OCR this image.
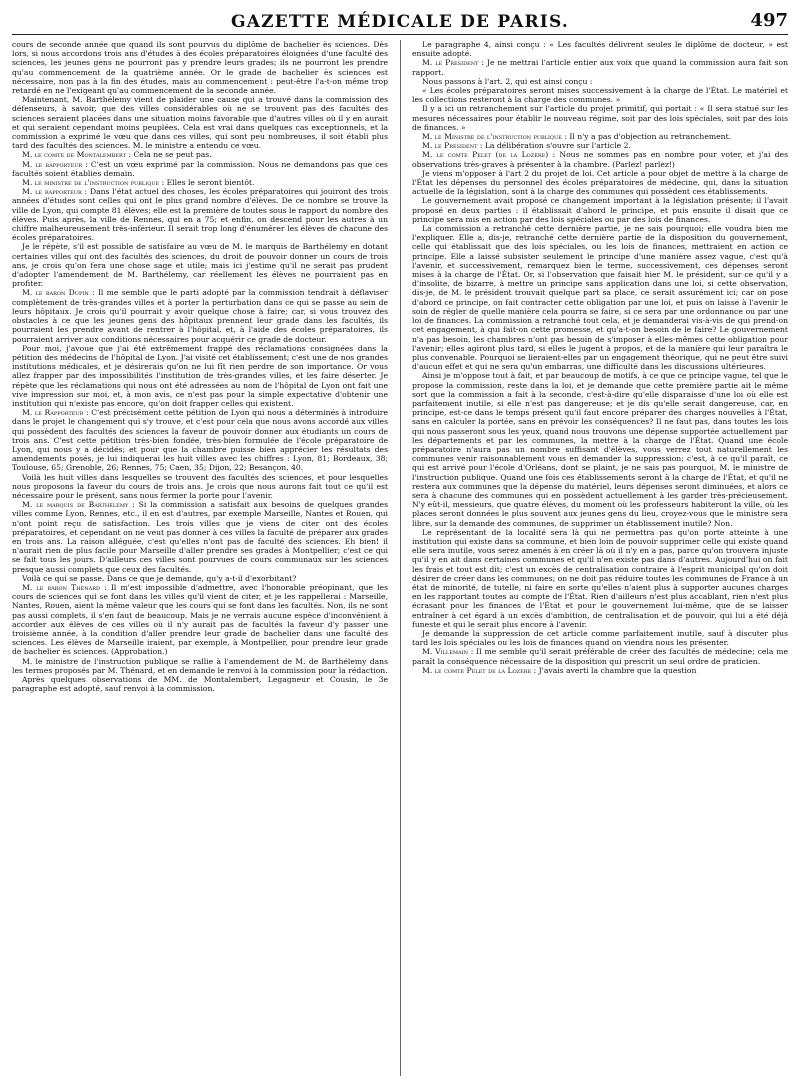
GAZETTE MÉDICALE DE PARIS.	497

cours de seconde année que quand ils sont pourvus du diplôme de bachelier ès sciences. Dès lors, si nous accordons trois ans d'études à des écoles préparatoires éloignées d'une faculté des sciences, les jeunes gens ne pourront pas y prendre leurs grades; ils ne pourront les prendre qu'au commencement de la quatrième année. Or le grade de bachelier ès sciences est nécessaire, non pas à la fin des études, mais au commencement : peut-être l'a-t-on même trop retardé en ne l'exigeant qu'au commencement de la seconde année.

Maintenant, M. Barthélemy vient de plaider une cause qui a trouvé dans la commission des défenseurs, à savoir, que des villes considérables où ne se trouvent pas des facultés des sciences seraient placées dans une situation moins favorable que d'autres villes où il y en aurait et qui seraient cependant moins peuplées. Cela est vrai dans quelques cas exceptionnels, et la commission a exprimé le vœu que dans ces villes, qui sont peu nombreuses, il soit établi plus tard des facultés des sciences. M. le ministre a entendu ce vœu.

M. le comte de Montalembert : Cela ne se peut pas.

M. le rapporteur : C'est un vœu exprimé par la commission. Nous ne demandons pas que ces facultés soient établies demain.

M. le ministre de l'instruction publique : Elles le seront bientôt.

M. le rapporteur : Dans l'état actuel des choses, les écoles préparatoires qui jouiront des trois années d'études sont celles qui ont le plus grand nombre d'élèves. De ce nombre se trouve la ville de Lyon, qui compte 81 élèves; elle est la première de toutes sous le rapport du nombre des élèves. Puis après, la ville de Rennes, qui en a 75; et enfin, on descend pour les autres à un chiffre malheureusement très-inférieur. Il serait trop long d'énumérer les élèves de chacune des écoles préparatoires.

Je le répète, s'il est possible de satisfaire au vœu de M. le marquis de Barthélemy en dotant certaines villes qui ont des facultés des sciences, du droit de pouvoir donner un cours de trois ans, je crois qu'on fera une chose sage et utile; mais ici j'estime qu'il ne serait pas prudent d'adopter l'amendement de M. Barthélemy, car réellement les élèves ne pourraient pas en profiter.

M. le baron Dupin : Il me semble que le parti adopté par la commission tendrait à déflaviser complètement de très-grandes villes et à porter la perturbation dans ce qui se passe au sein de leurs hôpitaux. Je crois qu'il pourrait y avoir quelque chose à faire; car, si vous trouvez des obstacles à ce que les jeunes gens des hôpitaux prennent leur grade dans les facultés, ils pourraient les prendre avant de rentrer à l'hôpital, et, à l'aide des écoles préparatoires, ils pourraient arriver aux conditions nécessaires pour acquérir ce grade de docteur.

Pour moi, j'avoue que j'ai été extrêmement frappé des réclamations consignées dans la pétition des médecins de l'hôpital de Lyon. J'ai visité cet établissement; c'est une de nos grandes institutions médicales, et je désirerais qu'on ne lui fît rien perdre de son importance. Or vous allez frapper par des impossibilités l'institution de très-grandes villes, et les faire déserter. Je répète que les réclamations qui nous ont été adressées au nom de l'hôpital de Lyon ont fait une vive impression sur moi, et, à mon avis, ce n'est pas pour la simple expectative d'obtenir une institution qui n'existe pas encore, qu'on doit frapper celles qui existent.

M. le Rapporteur : C'est précisément cette pétition de Lyon qui nous a déterminés à introduire dans le projet le changement qui s'y trouve, et c'est pour cela que nous avons accordé aux villes qui possèdent des facultés des sciences la faveur de pouvoir donner aux étudiants un cours de trois ans. C'est cette pétition très-bien fondée, très-bien formulée de l'école préparatoire de Lyon, qui nous y a décidés; et pour que la chambre puisse bien apprécier les résultats des amendements posés, je lui indiquerai les huit villes avec les chiffres : Lyon, 81; Bordeaux, 38; Toulouse, 65; Grenoble, 26; Rennes, 75; Caen, 35; Dijon, 22; Besançon, 40.

Voilà les huit villes dans lesquelles se trouvent des facultés des sciences, et pour lesquelles nous proposons la faveur du cours de trois ans. Je crois que nous aurons fait tout ce qu'il est nécessaire pour le présent, sans nous fermer la porte pour l'avenir.

M. le marquis de Barthélemy : Si la commission a satisfait aux besoins de quelques grandes villes comme Lyon, Rennes, etc., il en est d'autres, par exemple Marseille, Nantes et Rouen, qui n'ont point reçu de satisfaction. Les trois villes que je viens de citer ont des écoles préparatoires, et cependant on ne veut pas donner à ces villes la faculté de préparer aux grades en trois ans. La raison alléguée, c'est qu'elles n'ont pas de faculté des sciences. Eh bien! il n'aurait rien de plus facile pour Marseille d'aller prendre ses grades à Montpellier; c'est ce qui se fait tous les jours. D'ailleurs ces villes sont pourvues de cours communaux sur les sciences presque aussi complets que ceux des facultés.

Voilà ce qui se passe. Dans ce que je demande, qu'y a-t-il d'exorbitant?

M. le baron Thénard : Il m'est impossible d'admettre, avec l'honorable préopinant, que les cours de sciences qui se font dans les villes qu'il vient de citer, et je les rappellerai : Marseille, Nantes, Rouen, aient la même valeur que les cours qui se font dans les facultés. Non, ils ne sont pas aussi complets, il s'en faut de beaucoup. Mais je ne verrais aucune espèce d'inconvénient à accorder aux élèves de ces villes où il n'y aurait pas de facultés la faveur d'y passer une troisième année, à la condition d'aller prendre leur grade de bachelier dans une faculté des sciences. Les élèves de Marseille iraient, par exemple, à Montpellier, pour prendre leur grade de bachelier ès sciences. (Approbation.)

M. le ministre de l'instruction publique se rallie à l'amendement de M. de Barthélemy dans les termes proposés par M. Thénard, et en demande le renvoi à la commission pour la rédaction.

Après quelques observations de MM. de Montalembert, Legagneur et Cousin, le 3e paragraphe est adopté, sauf renvoi à la commission.

Le paragraphe 4, ainsi conçu : « Les facultés délivrent seules le diplôme de docteur, » est ensuite adopté.

M. le Président : Je ne mettrai l'article entier aux voix que quand la commission aura fait son rapport.

Nous passons à l'art. 2, qui est ainsi conçu :

« Les écoles préparatoires seront mises successivement à la charge de l'État. Le matériel et les collections resteront à la charge des communes. »

Il y a ici un retranchement sur l'article du projet primitif, qui portait : « Il sera statué sur les mesures nécessaires pour établir le nouveau régime, soit par des lois spéciales, soit par des lois de finances. »

M. le Ministre de l'instruction publique : Il n'y a pas d'objection au retranchement.

M. le Président : La délibération s'ouvre sur l'article 2.

M. le comte Pelet (de la Lozère) : Nous ne sommes pas en nombre pour voter, et j'ai des observations très-graves à présenter à la chambre. (Parlez! parlez!)

Je viens m'opposer à l'art 2 du projet de loi. Cet article a pour objet de mettre à la charge de l'État les dépenses du personnel des écoles préparatoires de médecine, qui, dans la situation actuelle de la législation, sont à la charge des communes qui possèdent ces établissements.

Le gouvernement avait proposé ce changement important à la législation présente; il l'avait proposé en deux parties : il établissait d'abord le principe, et puis ensuite il disait que ce principe sera mis en action par des lois spéciales ou par des lois de finances.

La commission a retranché cette dernière partie, je ne sais pourquoi; elle voudra bien me l'expliquer. Elle a, dis-je, retranché cette dernière partie de la disposition du gouvernement, celle qui établissait que des lois spéciales, ou les lois de finances, mettraient en action ce principe. Elle a laissé subsister seulement le principe d'une manière assez vague, c'est qu'à l'avenir, et successivement, remarquez bien le terme, successivement, ces dépenses seront mises à la charge de l'État. Or, si l'observation que faisait hier M. le président, sur ce qu'il y a d'insolite, de bizarre, à mettre un principe sans application dans une loi, si cette observation, dis-je, de M. le président trouvait quelque part sa place, ce serait assurément ici; car on pose d'abord ce principe, on fait contracter cette obligation par une loi, et puis on laisse à l'avenir le soin de régler de quelle manière cela pourra se faire, si ce sera par une ordonnance ou par une loi de finances. La commission a retranché tout cela, et je demanderai vis-à-vis de qui prend-on cet engagement, à qui fait-on cette promesse, et qu'a-t-on besoin de le faire? Le gouvernement n'a pas besoin, les chambres n'ont pas besoin de s'imposer à elles-mêmes cette obligation pour l'avenir; elles agiront plus tard, si elles le jugent à propos, et de la manière qui leur paraîtra le plus convenable. Pourquoi se lieraient-elles par un engagement théorique, qui ne peut être suivi d'aucun effet et qui ne sera qu'un embarras, une difficulté dans les discussions ultérieures.

Ainsi je m'oppose tout à fait, et par beaucoup de motifs, à ce que ce principe vague, tel que le propose la commission, reste dans la loi, et je demande que cette première partie ait le même sort que la commission a fait à la seconde, c'est-à-dire qu'elle disparaisse d'une loi où elle est parfaitement inutile, si elle n'est pas dangereuse; et je dis qu'elle serait dangereuse, car, en principe, est-ce dans le temps présent qu'il faut encore préparer des charges nouvelles à l'État, sans en calculer la portée, sans en prévoir les conséquences? Il ne faut pas, dans toutes les lois qui nous passeront sous les yeux, quand nous trouvons une dépense supportée actuellement par les départements et par les communes, la mettre à la charge de l'État. Quand une école préparatoire n'aura pas un nombre suffisant d'élèves, vous verrez tout naturellement les communes venir raisonnablement vous en demander la suppression; c'est, à ce qu'il paraît, ce qui est arrivé pour l'école d'Orléans, dont se plaint, je ne sais pas pourquoi, M. le ministre de l'instruction publique. Quand une fois ces établissements seront à la charge de l'État, et qu'il ne restera aux communes que la dépense du matériel, leurs dépenses seront diminuées, et alors ce sera à chacune des communes qui en possèdent actuellement à les garder très-précieusement. N'y eût-il, messieurs, que quatre élèves, du moment où les professeurs habiteront la ville, où les places seront données le plus souvent aux jeunes gens du lieu, croyez-vous que le ministre sera libre, sur la demande des communes, de supprimer un établissement inutile? Non.

Le représentant de la localité sera là qui ne permettra pas qu'on porte atteinte à une institution qui existe dans sa commune, et bien loin de pouvoir supprimer celle qui existe quand elle sera inutile, vous serez amenés à en créer là où il n'y en a pas, parce qu'on trouvera injuste qu'il y en ait dans certaines communes et qu'il n'en existe pas dans d'autres. Aujourd'hui on fait les frais et tout est dit; c'est un excès de centralisation contraire à l'esprit municipal qu'on doit désirer de créer dans les communes; on ne doit pas réduire toutes les communes de France à un état de minorité, de tutelle, ni faire en sorte qu'elles n'aient plus à supporter aucunes charges en les rapportant toutes au compte de l'État. Rien d'ailleurs n'est plus accablant, rien n'est plus écrasant pour les finances de l'État et pour le gouvernement lui-même, que de se laisser entraîner à cet égard à un excès d'ambition, de centralisation et de pouvoir, qui lui a été déjà funeste et qui le serait plus encore à l'avenir.

Je demande la suppression de cet article comme parfaitement inutile, sauf à discuter plus tard les lois spéciales ou les lois de finances quand on viendra nous les présenter.

M. Villemain : Il me semble qu'il serait préférable de créer des facultés de médecine; cela me paraît la conséquence nécessaire de la disposition qui prescrit un seul ordre de praticien.

M. le comte Pelet de la Lozère : J'avais averti la chambre que la question
